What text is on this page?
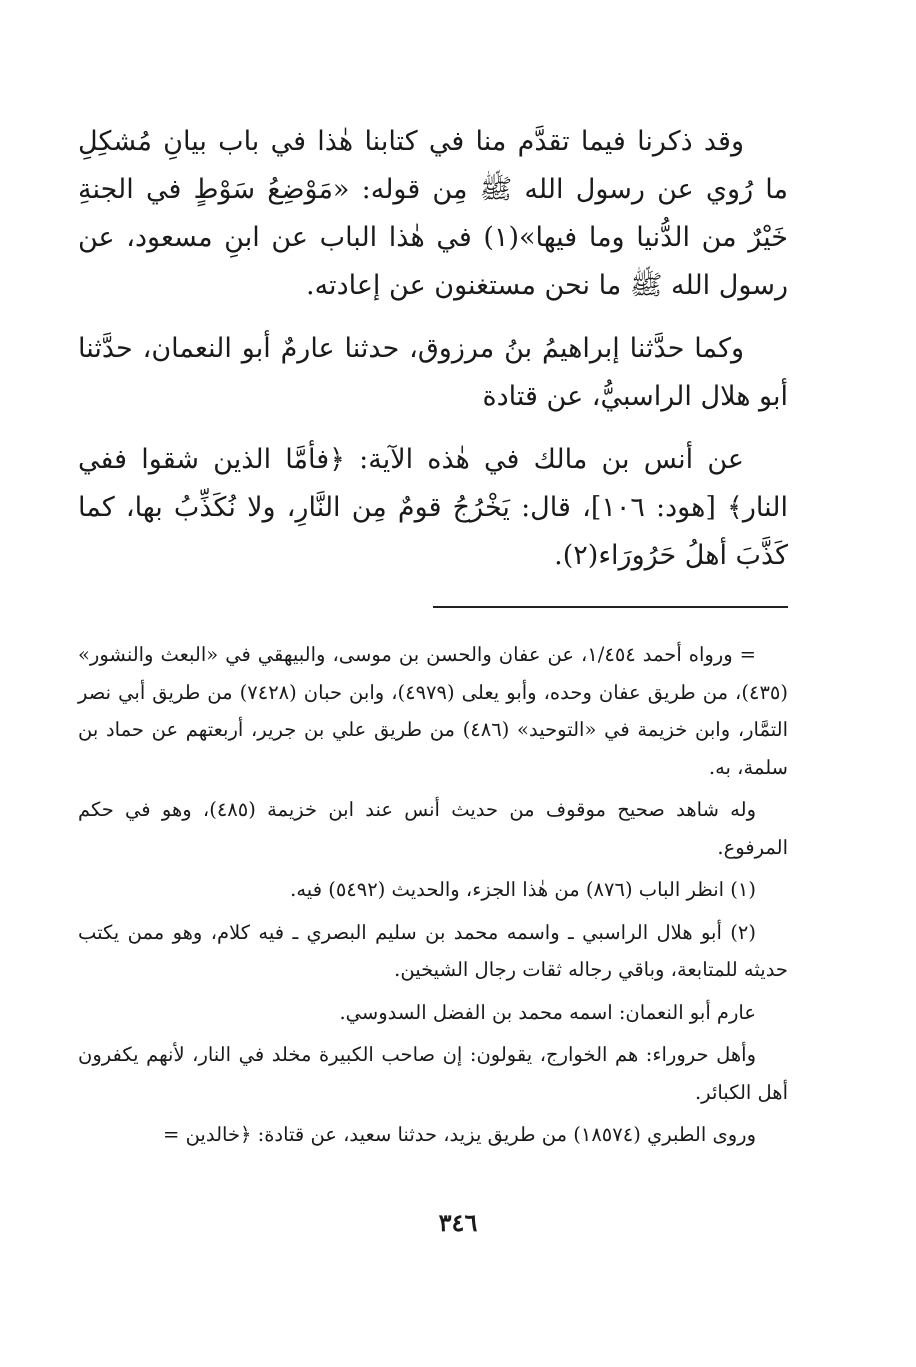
وقد ذكرنا فيما تقدَّم منا في كتابنا هٰذا في باب بيانِ مُشكِلِ ما رُوي عن رسول الله ﷺ مِن قوله: «مَوْضِعُ سَوْطٍ في الجنةِ خَيْرٌ من الدُّنيا وما فيها»(١) في هٰذا الباب عن ابنِ مسعود، عن رسول الله ﷺ ما نحن مستغنون عن إعادته.

وكما حدَّثنا إبراهيمُ بنُ مرزوق، حدثنا عارمٌ أبو النعمان، حدَّثنا أبو هلال الراسبيُّ، عن قتادة

عن أنس بن مالك في هٰذه الآية: ﴿فأمَّا الذين شقوا ففي النار﴾ [هود: ١٠٦]، قال: يَخْرُجُ قومٌ مِن النَّارِ، ولا نُكَذِّبُ بها، كما كَذَّبَ أهلُ حَرُورَاء(٢).

= ورواه أحمد ١/٤٥٤، عن عفان والحسن بن موسى، والبيهقي في «البعث والنشور» (٤٣٥)، من طريق عفان وحده، وأبو يعلى (٤٩٧٩)، وابن حبان (٧٤٢٨) من طريق أبي نصر التمَّار، وابن خزيمة في «التوحيد» (٤٨٦) من طريق علي بن جرير، أربعتهم عن حماد بن سلمة، به.

وله شاهد صحيح موقوف من حديث أنس عند ابن خزيمة (٤٨٥)، وهو في حكم المرفوع.

(١) انظر الباب (٨٧٦) من هٰذا الجزء، والحديث (٥٤٩٢) فيه.

(٢) أبو هلال الراسبي ـ واسمه محمد بن سليم البصري ـ فيه كلام، وهو ممن يكتب حديثه للمتابعة، وباقي رجاله ثقات رجال الشيخين.

عارم أبو النعمان: اسمه محمد بن الفضل السدوسي.

وأهل حروراء: هم الخوارج، يقولون: إن صاحب الكبيرة مخلد في النار، لأنهم يكفرون أهل الكبائر.

وروى الطبري (١٨٥٧٤) من طريق يزيد، حدثنا سعيد، عن قتادة: ﴿خالدين =

٣٤٦
